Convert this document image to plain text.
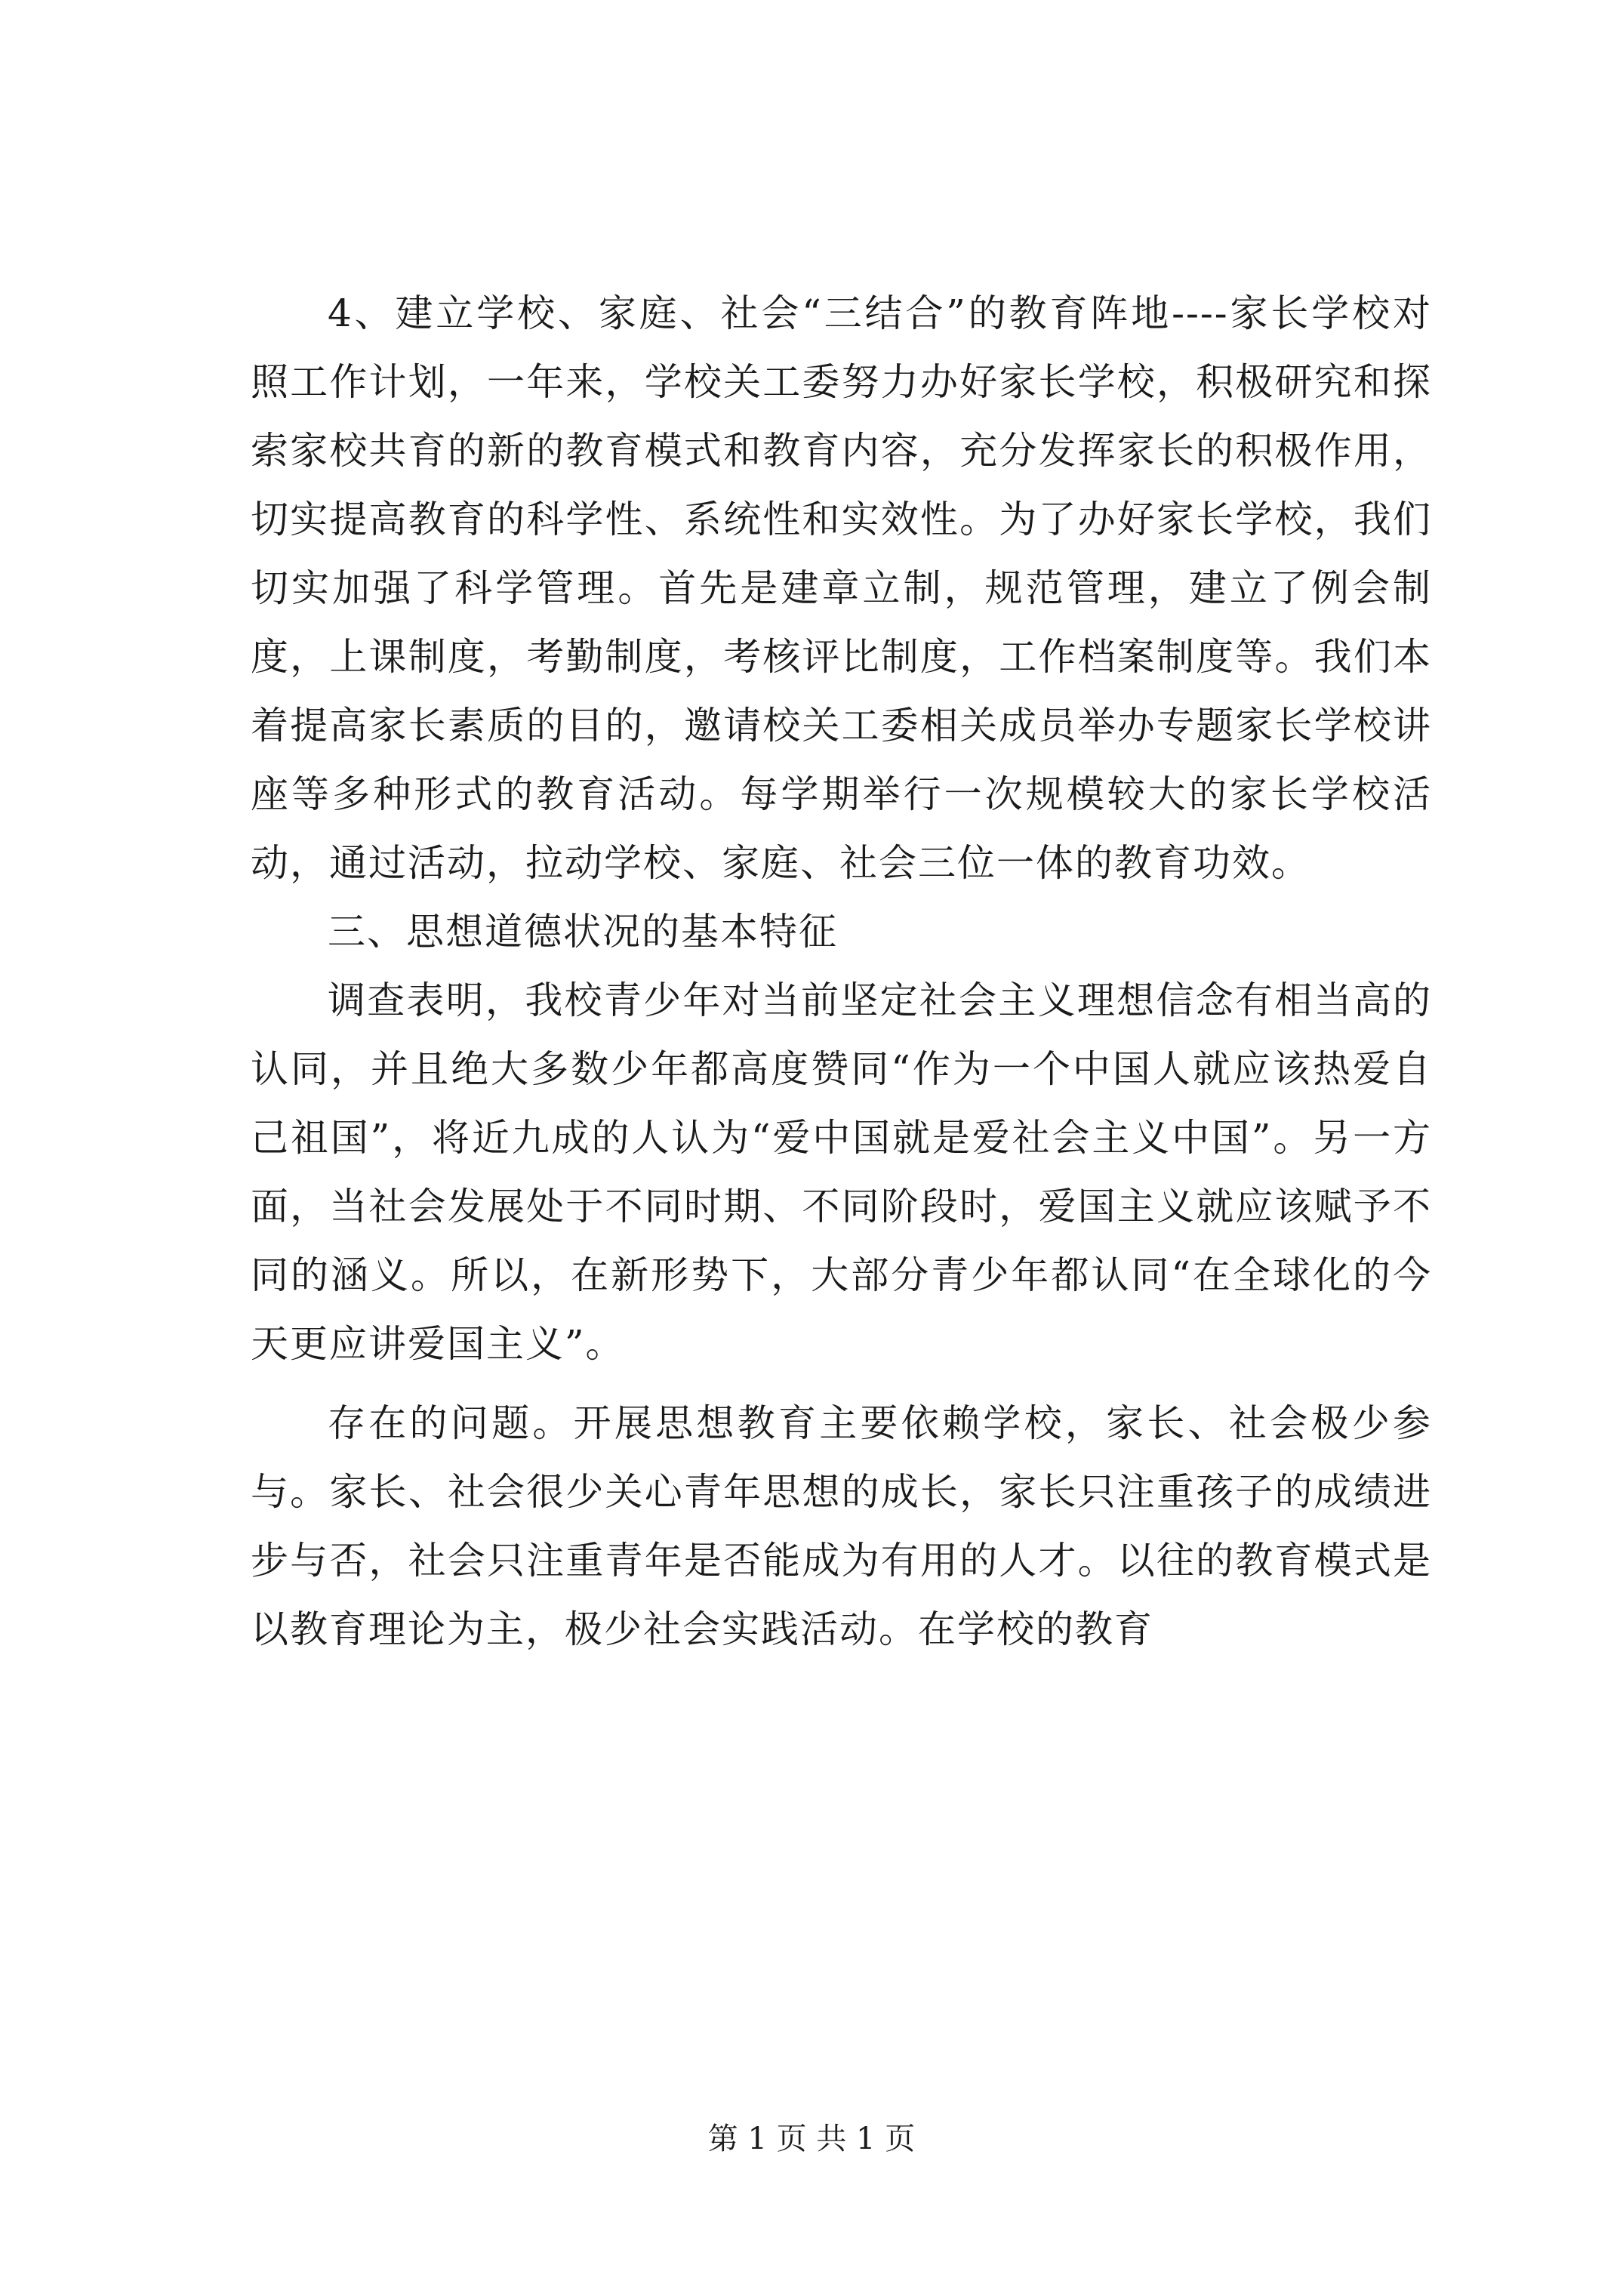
4、建立学校、家庭、社会“三结合”的教育阵地----家长学校对照工作计划，一年来，学校关工委努力办好家长学校，积极研究和探索家校共育的新的教育模式和教育内容，充分发挥家长的积极作用，切实提高教育的科学性、系统性和实效性。为了办好家长学校，我们切实加强了科学管理。首先是建章立制，规范管理，建立了例会制度，上课制度，考勤制度，考核评比制度，工作档案制度等。我们本着提高家长素质的目的，邀请校关工委相关成员举办专题家长学校讲座等多种形式的教育活动。每学期举行一次规模较大的家长学校活动，通过活动，拉动学校、家庭、社会三位一体的教育功效。

三、思想道德状况的基本特征

调查表明，我校青少年对当前坚定社会主义理想信念有相当高的认同，并且绝大多数少年都高度赞同“作为一个中国人就应该热爱自己祖国”，将近九成的人认为“爱中国就是爱社会主义中国”。另一方面，当社会发展处于不同时期、不同阶段时，爱国主义就应该赋予不同的涵义。所以，在新形势下，大部分青少年都认同“在全球化的今天更应讲爱国主义”。

存在的问题。开展思想教育主要依赖学校，家长、社会极少参与。家长、社会很少关心青年思想的成长，家长只注重孩子的成绩进步与否，社会只注重青年是否能成为有用的人才。以往的教育模式是以教育理论为主，极少社会实践活动。在学校的教育

第 1 页 共 1 页
